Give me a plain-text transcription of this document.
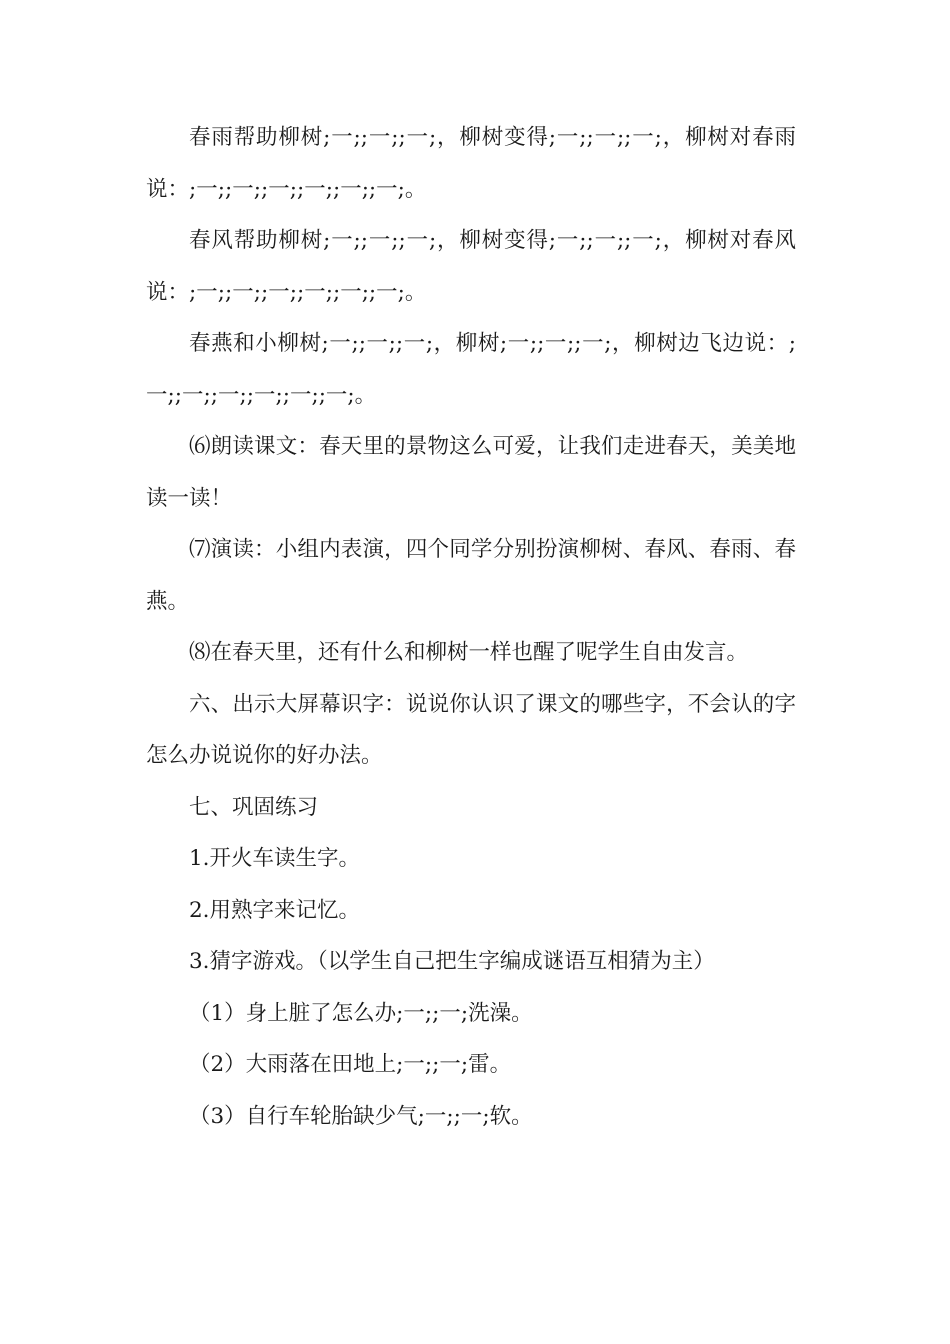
春雨帮助柳树;一;;一;;一;，柳树变得;一;;一;;一;，柳树对春雨说：;一;;一;;一;;一;;一;;一;。

春风帮助柳树;一;;一;;一;，柳树变得;一;;一;;一;，柳树对春风说：;一;;一;;一;;一;;一;;一;。

春燕和小柳树;一;;一;;一;，柳树;一;;一;;一;，柳树边飞边说：;一;;一;;一;;一;;一;;一;。

⑹朗读课文：春天里的景物这么可爱，让我们走进春天，美美地读一读！

⑺演读：小组内表演，四个同学分别扮演柳树、春风、春雨、春燕。

⑻在春天里，还有什么和柳树一样也醒了呢学生自由发言。

六、出示大屏幕识字：说说你认识了课文的哪些字，不会认的字怎么办说说你的好办法。

七、巩固练习

1.开火车读生字。

2.用熟字来记忆。

3.猜字游戏。（以学生自己把生字编成谜语互相猜为主）

（1）身上脏了怎么办;一;;一;洗澡。

（2）大雨落在田地上;一;;一;雷。

（3）自行车轮胎缺少气;一;;一;软。
